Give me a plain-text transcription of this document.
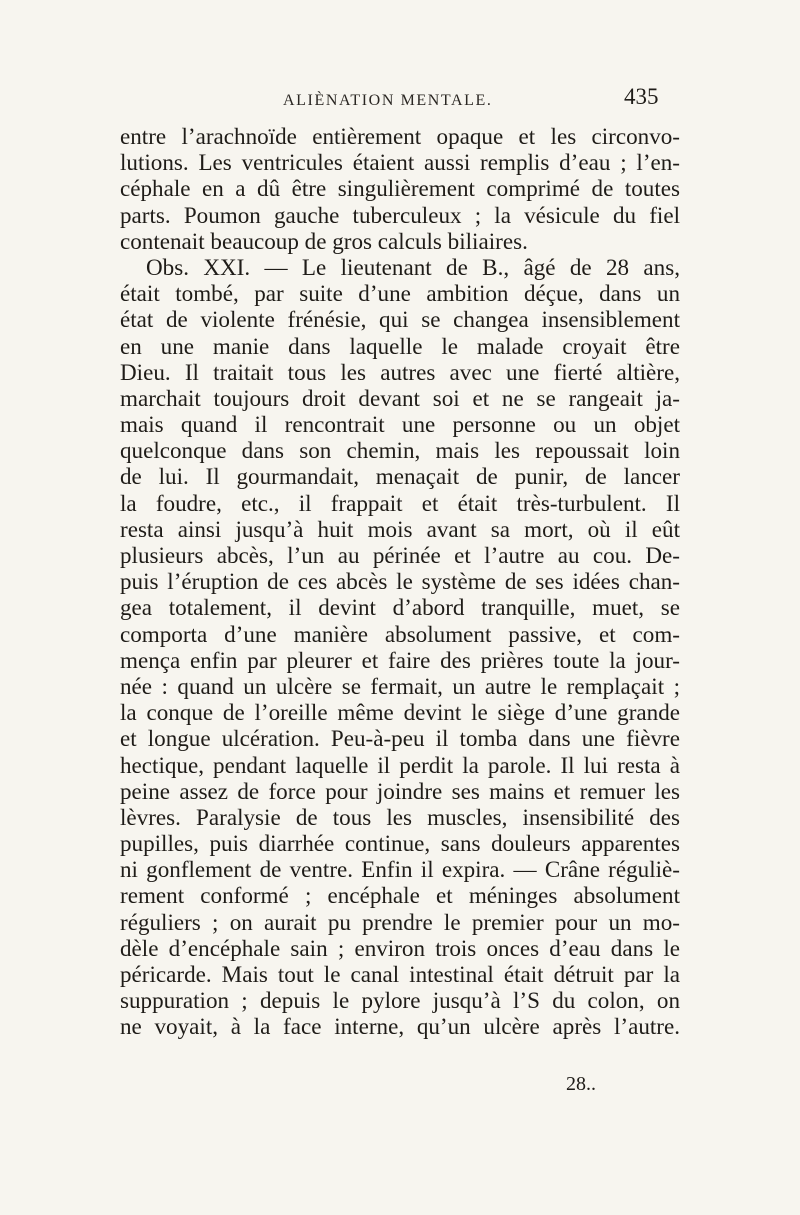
ALIÈNATION MENTALE.	435
entre l’arachnoïde entièrement opaque et les circonvo-
lutions. Les ventricules étaient aussi remplis d’eau ; l’en-
céphale en a dû être singulièrement comprimé de toutes
parts. Poumon gauche tuberculeux ; la vésicule du fiel
contenait beaucoup de gros calculs biliaires.
Obs. XXI. — Le lieutenant de B., âgé de 28 ans,
était tombé, par suite d’une ambition déçue, dans un
état de violente frénésie, qui se changea insensiblement
en une manie dans laquelle le malade croyait être
Dieu. Il traitait tous les autres avec une fierté altière,
marchait toujours droit devant soi et ne se rangeait ja-
mais quand il rencontrait une personne ou un objet
quelconque dans son chemin, mais les repoussait loin
de lui. Il gourmandait, menaçait de punir, de lancer
la foudre, etc., il frappait et était très-turbulent. Il
resta ainsi jusqu’à huit mois avant sa mort, où il eût
plusieurs abcès, l’un au périnée et l’autre au cou. De-
puis l’éruption de ces abcès le système de ses idées chan-
gea totalement, il devint d’abord tranquille, muet, se
comporta d’une manière absolument passive, et com-
mença enfin par pleurer et faire des prières toute la jour-
née : quand un ulcère se fermait, un autre le remplaçait ;
la conque de l’oreille même devint le siège d’une grande
et longue ulcération. Peu-à-peu il tomba dans une fièvre
hectique, pendant laquelle il perdit la parole. Il lui resta à
peine assez de force pour joindre ses mains et remuer les
lèvres. Paralysie de tous les muscles, insensibilité des
pupilles, puis diarrhée continue, sans douleurs apparentes
ni gonflement de ventre. Enfin il expira. — Crâne réguliè-
rement conformé ; encéphale et méninges absolument
réguliers ; on aurait pu prendre le premier pour un mo-
dèle d’encéphale sain ; environ trois onces d’eau dans le
péricarde. Mais tout le canal intestinal était détruit par la
suppuration ; depuis le pylore jusqu’à l’S du colon, on
ne voyait, à la face interne, qu’un ulcère après l’autre.
28..
